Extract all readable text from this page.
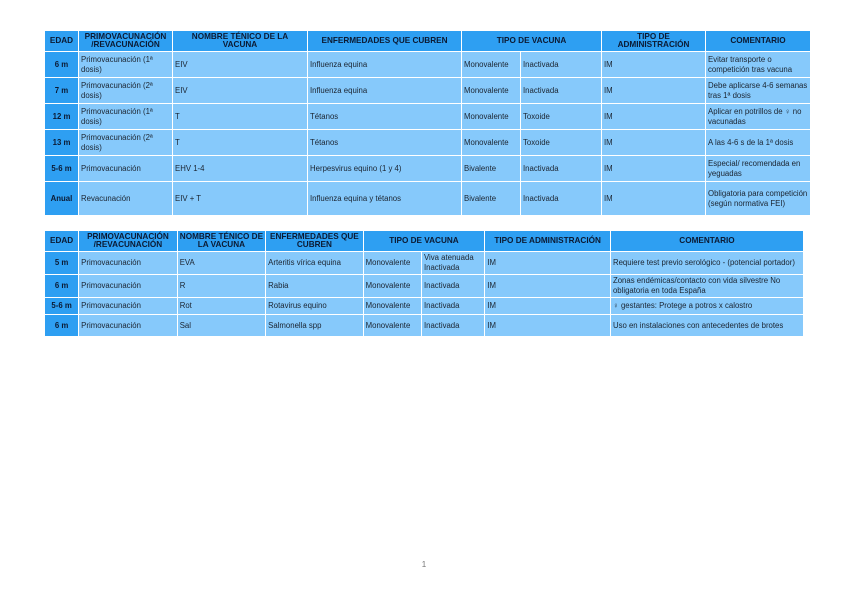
EDAD	PRIMOVACUNACIÓN /REVACUNACIÓN	NOMBRE TÉNICO DE LA VACUNA	ENFERMEDADES QUE CUBREN	TIPO DE VACUNA		TIPO DE ADMINISTRACIÓN	COMENTARIO
6 m	Primovacunación (1ª dosis)	EIV	Influenza equina	Monovalente	Inactivada	IM	Evitar transporte o competición tras vacuna
7 m	Primovacunación (2ª dosis)	EIV	Influenza equina	Monovalente	Inactivada	IM	Debe aplicarse 4-6 semanas tras 1ª dosis
12 m	Primovacunación (1ª dosis)	T	Tétanos	Monovalente	Toxoide	IM	Aplicar en potrillos de ♀ no vacunadas
13 m	Primovacunación (2ª dosis)	T	Tétanos	Monovalente	Toxoide	IM	A las 4-6 s de la 1ª dosis
5-6 m	Primovacunación	EHV 1-4	Herpesvirus equino (1 y 4)	Bivalente	Inactivada	IM	Especial/ recomendada en yeguadas
Anual	Revacunación	EIV + T	Influenza equina y tétanos	Bivalente	Inactivada	IM	Obligatoria para competición (según normativa FEI)
EDAD	PRIMOVACUNACIÓN /REVACUNACIÓN	NOMBRE TÉNICO DE LA VACUNA	ENFERMEDADES QUE CUBREN	TIPO DE VACUNA		TIPO DE ADMINISTRACIÓN	COMENTARIO
5 m	Primovacunación	EVA	Arteritis vírica equina	Monovalente	Viva atenuada Inactivada	IM	Requiere test previo serológico - (potencial portador)
6 m	Primovacunación	R	Rabia	Monovalente	Inactivada	IM	Zonas endémicas/contacto con vida silvestre No obligatoria en toda España
5-6 m	Primovacunación	Rot	Rotavirus equino	Monovalente	Inactivada	IM	♀ gestantes: Protege a potros x calostro
6 m	Primovacunación	Sal	Salmonella spp	Monovalente	Inactivada	IM	Uso en instalaciones con antecedentes de brotes
1
